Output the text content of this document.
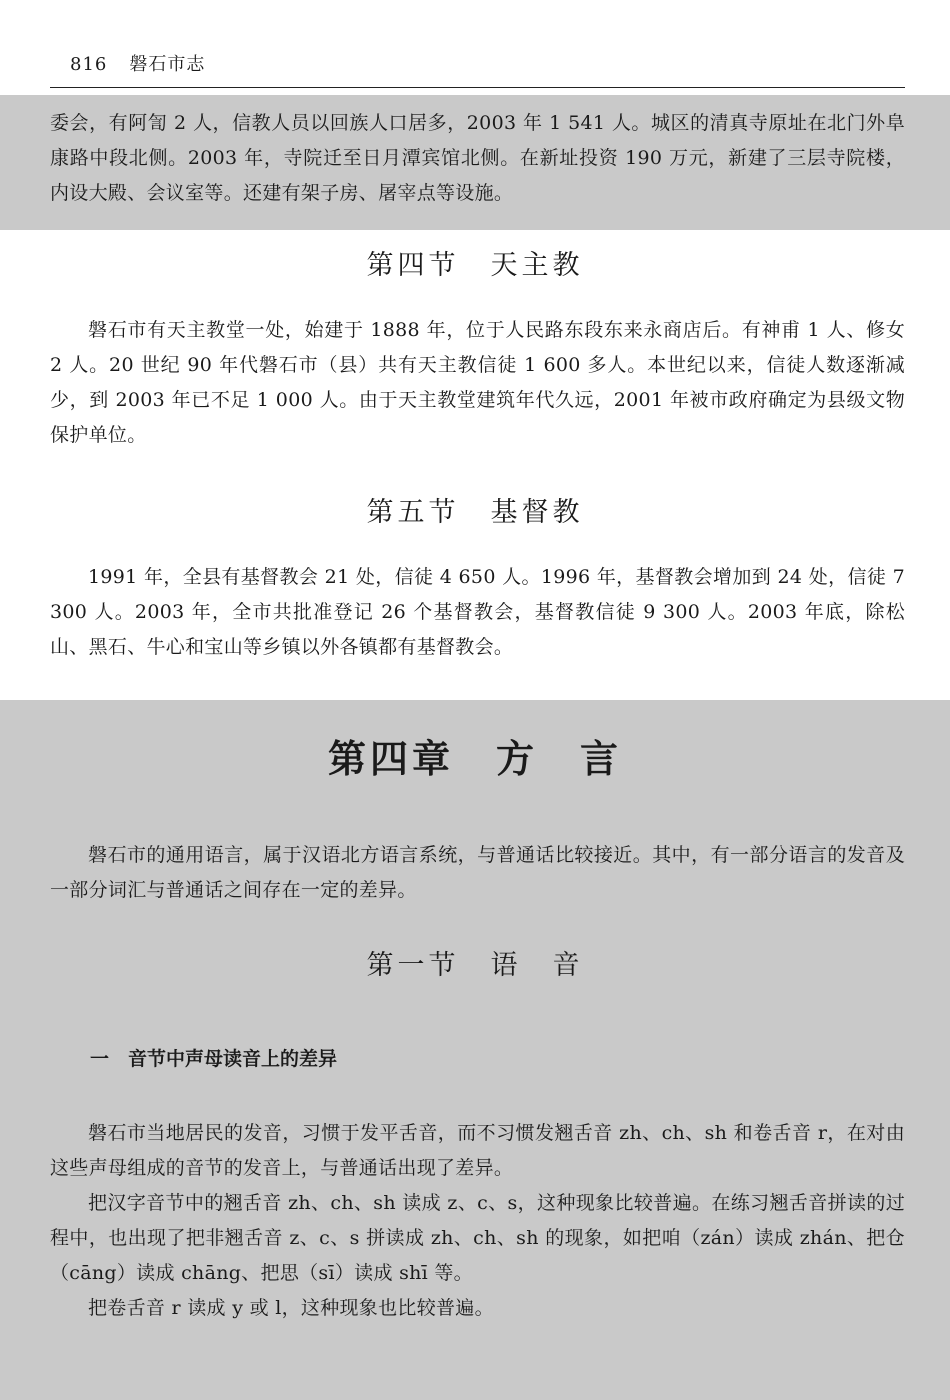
816 磐石市志

委会，有阿訇 2 人，信教人员以回族人口居多，2003 年 1 541 人。城区的清真寺原址在北门外阜康路中段北侧。2003 年，寺院迁至日月潭宾馆北侧。在新址投资 190 万元，新建了三层寺院楼，内设大殿、会议室等。还建有架子房、屠宰点等设施。

第四节　天主教

磐石市有天主教堂一处，始建于 1888 年，位于人民路东段东来永商店后。有神甫 1 人、修女 2 人。20 世纪 90 年代磐石市（县）共有天主教信徒 1 600 多人。本世纪以来，信徒人数逐渐减少，到 2003 年已不足 1 000 人。由于天主教堂建筑年代久远，2001 年被市政府确定为县级文物保护单位。

第五节　基督教

1991 年，全县有基督教会 21 处，信徒 4 650 人。1996 年，基督教会增加到 24 处，信徒 7 300 人。2003 年，全市共批准登记 26 个基督教会，基督教信徒 9 300 人。2003 年底，除松山、黑石、牛心和宝山等乡镇以外各镇都有基督教会。

第四章　方　言

磐石市的通用语言，属于汉语北方语言系统，与普通话比较接近。其中，有一部分语言的发音及一部分词汇与普通话之间存在一定的差异。

第一节　语　音
一　音节中声母读音上的差异

磐石市当地居民的发音，习惯于发平舌音，而不习惯发翘舌音 zh、ch、sh 和卷舌音 r，在对由这些声母组成的音节的发音上，与普通话出现了差异。

把汉字音节中的翘舌音 zh、ch、sh 读成 z、c、s，这种现象比较普遍。在练习翘舌音拼读的过程中，也出现了把非翘舌音 z、c、s 拼读成 zh、ch、sh 的现象，如把咱（zán）读成 zhán、把仓（cāng）读成 chāng、把思（sī）读成 shī 等。

把卷舌音 r 读成 y 或 l，这种现象也比较普遍。
